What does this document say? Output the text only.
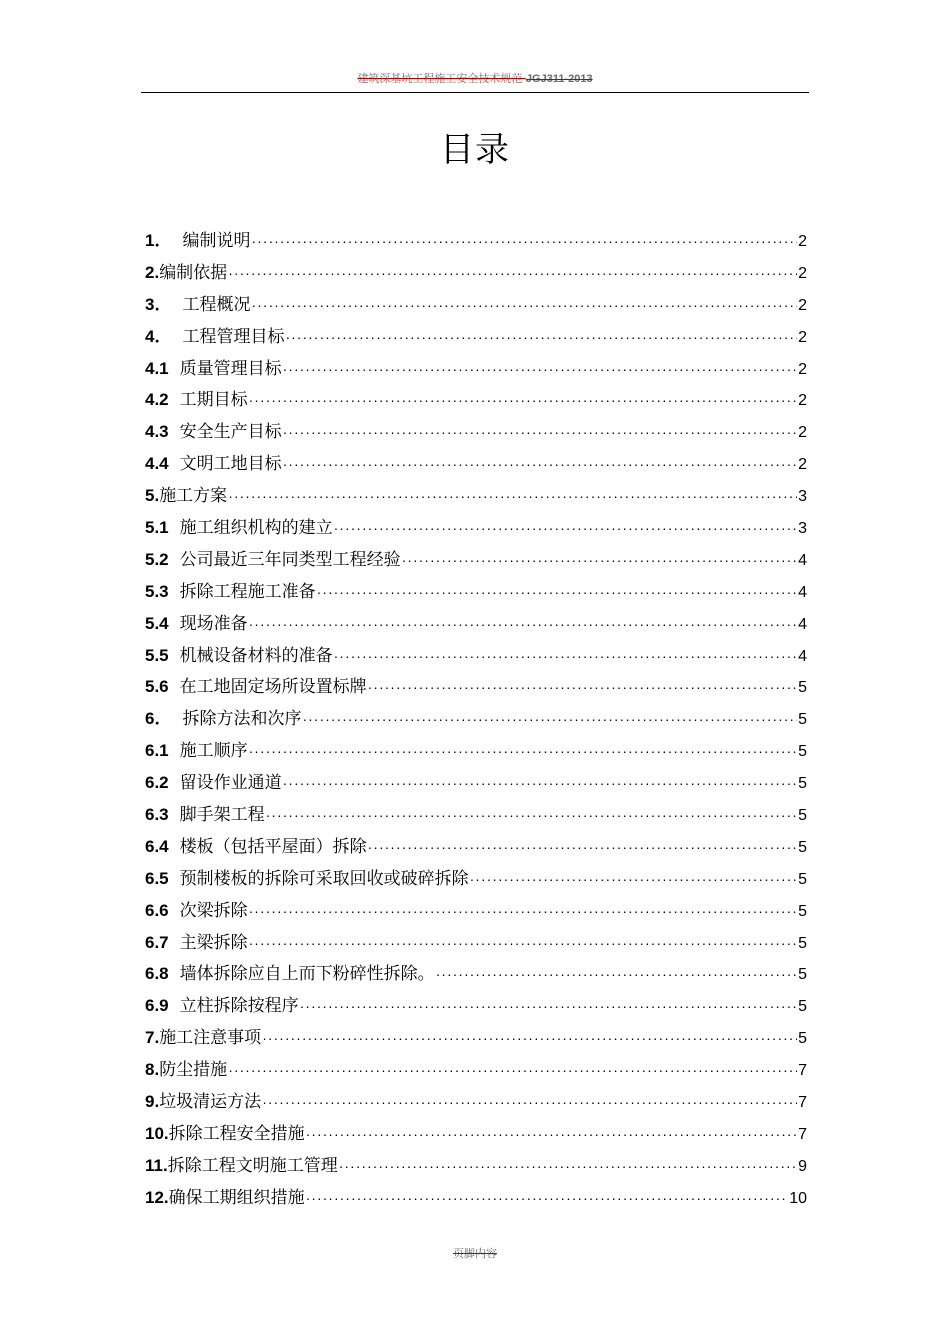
建筑深基坑工程施工安全技术规范 JGJ311-2013
目录
1． 编制说明 ·····	2
2. 编制依据 ·····	2
3． 工程概况 ·····	2
4． 工程管理目标 ·····	2
4.1 质量管理目标 ·····	2
4.2 工期目标 ·····	2
4.3 安全生产目标 ·····	2
4.4 文明工地目标 ·····	2
5. 施工方案 ·····	3
5.1 施工组织机构的建立 ·····	3
5.2 公司最近三年同类型工程经验 ·····	4
5.3 拆除工程施工准备 ·····	4
5.4 现场准备 ·····	4
5.5 机械设备材料的准备 ·····	4
5.6 在工地固定场所设置标牌 ·····	5
6． 拆除方法和次序 ·····	5
6.1 施工顺序 ·····	5
6.2 留设作业通道 ·····	5
6.3 脚手架工程 ·····	5
6.4 楼板（包括平屋面）拆除 ·····	5
6.5 预制楼板的拆除可采取回收或破碎拆除 ·····	5
6.6 次梁拆除 ·····	5
6.7 主梁拆除 ·····	5
6.8 墙体拆除应自上而下粉碎性拆除。 ·····	5
6.9 立柱拆除按程序 ·····	5
7. 施工注意事项 ·····	5
8. 防尘措施 ·····	7
9. 垃圾清运方法 ·····	7
10. 拆除工程安全措施 ·····	7
11. 拆除工程文明施工管理 ·····	9
12. 确保工期组织措施 ·····	10
页脚内容
